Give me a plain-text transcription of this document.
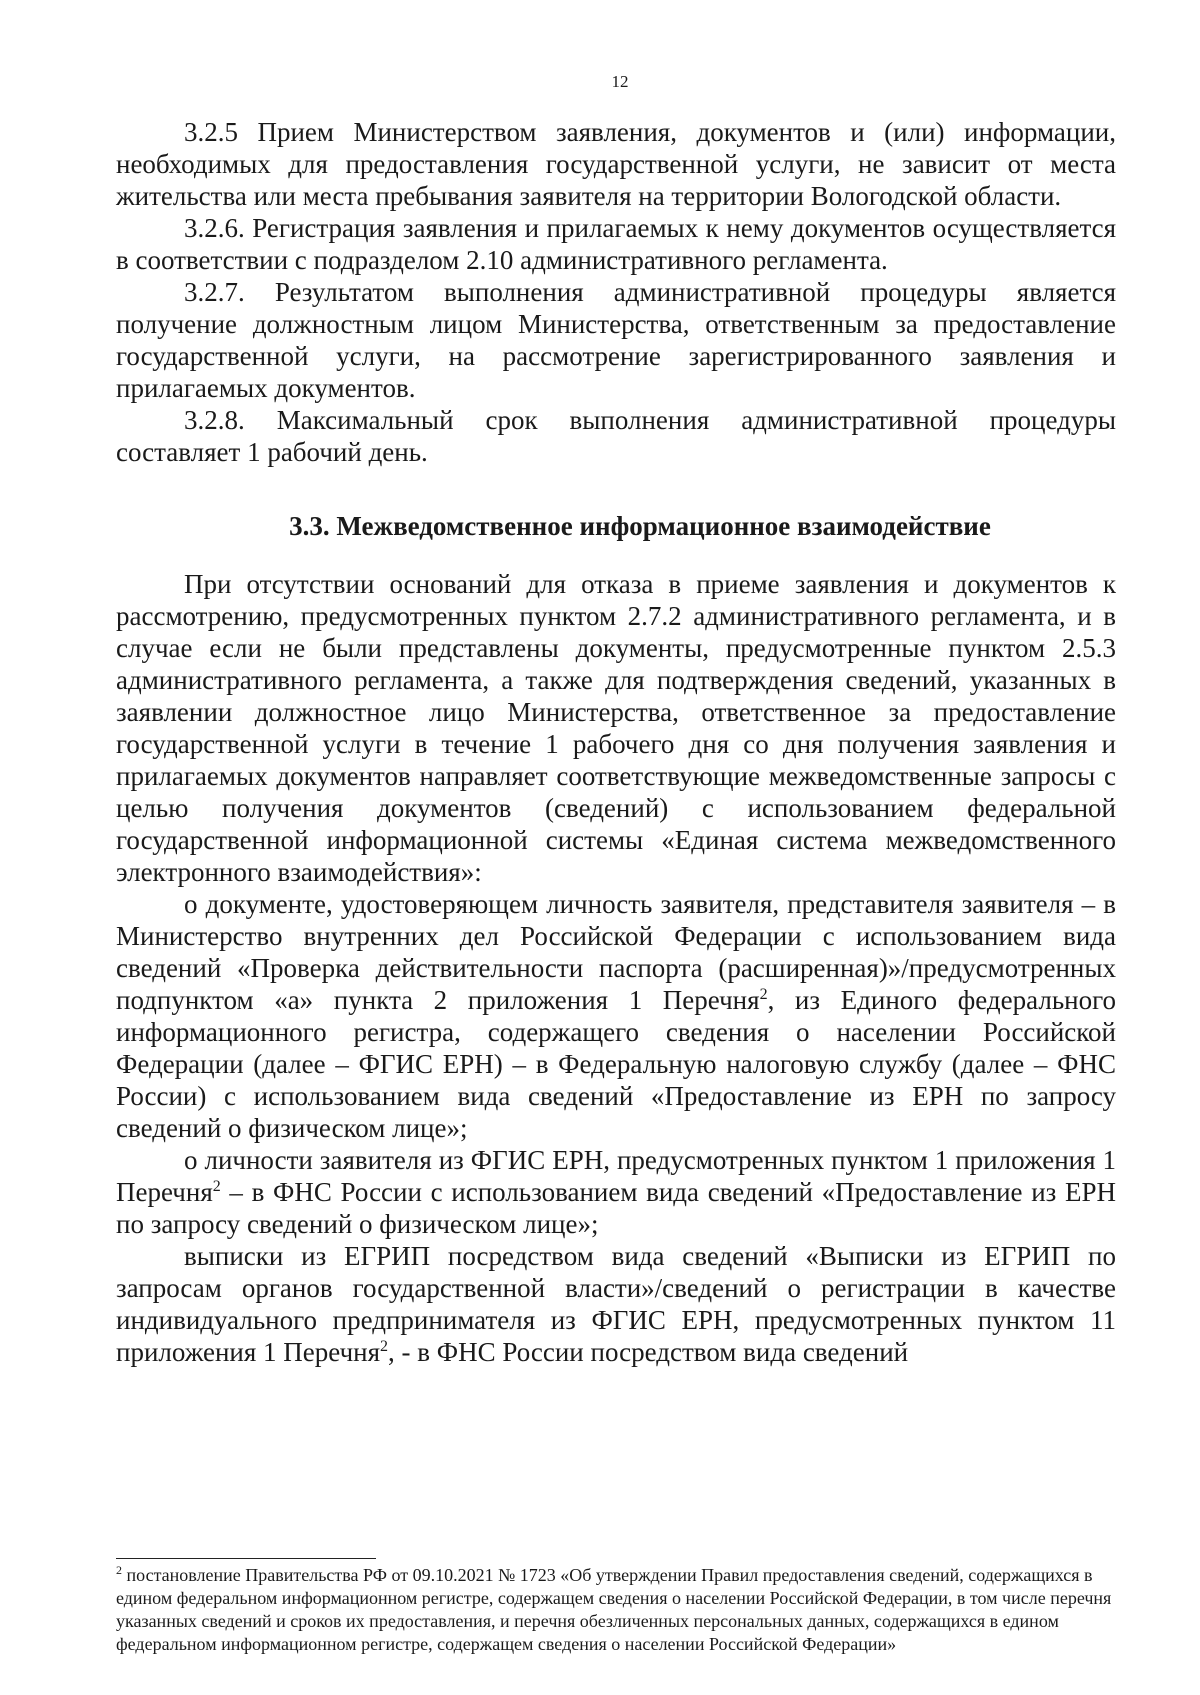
12

3.2.5 Прием Министерством заявления, документов и (или) информации, необходимых для предоставления государственной услуги, не зависит от места жительства или места пребывания заявителя на территории Вологодской области.

3.2.6. Регистрация заявления и прилагаемых к нему документов осуществляется в соответствии с подразделом 2.10 административного регламента.

3.2.7. Результатом выполнения административной процедуры является получение должностным лицом Министерства, ответственным за предоставление государственной услуги, на рассмотрение зарегистрированного заявления и прилагаемых документов.

3.2.8. Максимальный срок выполнения административной процедуры составляет 1 рабочий день.

3.3. Межведомственное информационное взаимодействие

При отсутствии оснований для отказа в приеме заявления и документов к рассмотрению, предусмотренных пунктом 2.7.2 административного регламента, и в случае если не были представлены документы, предусмотренные пунктом 2.5.3 административного регламента, а также для подтверждения сведений, указанных в заявлении должностное лицо Министерства, ответственное за предоставление государственной услуги в течение 1 рабочего дня со дня получения заявления и прилагаемых документов направляет соответствующие межведомственные запросы с целью получения документов (сведений) с использованием федеральной государственной информационной системы «Единая система межведомственного электронного взаимодействия»:

о документе, удостоверяющем личность заявителя, представителя заявителя – в Министерство внутренних дел Российской Федерации с использованием вида сведений «Проверка действительности паспорта (расширенная)»/предусмотренных подпунктом «а» пункта 2 приложения 1 Перечня$^2$, из Единого федерального информационного регистра, содержащего сведения о населении Российской Федерации (далее – ФГИС ЕРН) – в Федеральную налоговую службу (далее – ФНС России) с использованием вида сведений «Предоставление из ЕРН по запросу сведений о физическом лице»;

о личности заявителя из ФГИС ЕРН, предусмотренных пунктом 1 приложения 1 Перечня$^2$ – в ФНС России с использованием вида сведений «Предоставление из ЕРН по запросу сведений о физическом лице»;

выписки из ЕГРИП посредством вида сведений «Выписки из ЕГРИП по запросам органов государственной власти»/сведений о регистрации в качестве индивидуального предпринимателя из ФГИС ЕРН, предусмотренных пунктом 11 приложения 1 Перечня$^2$, - в ФНС России посредством вида сведений

$^2$ постановление Правительства РФ от 09.10.2021 № 1723 «Об утверждении Правил предоставления сведений, содержащихся в едином федеральном информационном регистре, содержащем сведения о населении Российской Федерации, в том числе перечня указанных сведений и сроков их предоставления, и перечня обезличенных персональных данных, содержащихся в едином федеральном информационном регистре, содержащем сведения о населении Российской Федерации»
